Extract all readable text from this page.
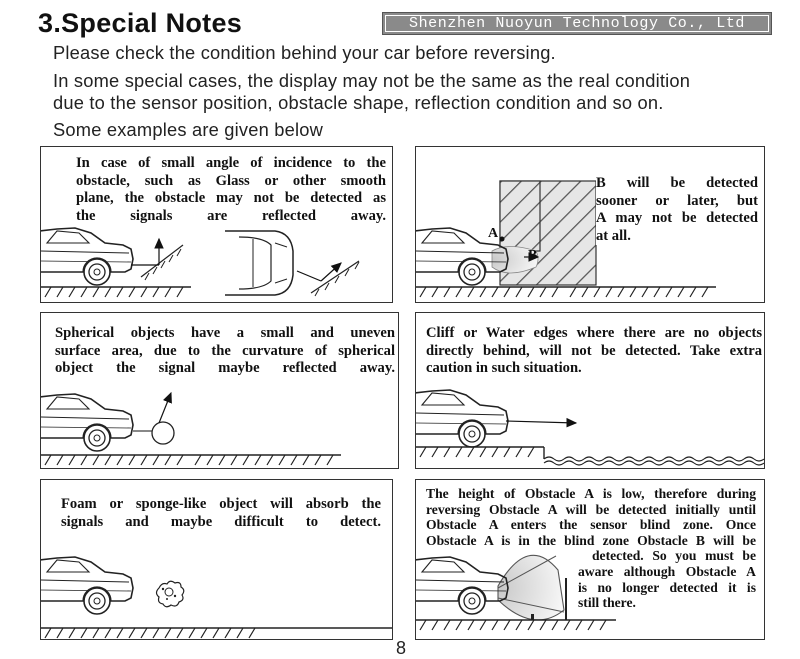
3.Special Notes	Shenzhen Nuoyun Technology Co., Ltd
Please check the condition behind your car before reversing.
In some special cases, the display may not be the same as the real condition
due to the sensor position, obstacle shape, reflection condition and so on.
Some examples are given below
In case of small angle of incidence to the
obstacle, such as Glass or other smooth
plane, the obstacle may not be detected as
the signals are reflected away.
A
B
B will be detected
sooner or later, but
A may not be detected
at all.
Spherical objects have a small and uneven
surface area, due to the curvature of spherical
object the signal maybe reflected away.
Cliff or Water edges where there are no objects
directly behind, will not be detected. Take extra
caution in such situation.
Foam or sponge-like object will absorb the
signals and maybe difficult to detect.
The height of Obstacle A is low, therefore during
reversing Obstacle A will be detected initially until
Obstacle A enters the sensor blind zone. Once
Obstacle A is in the blind zone Obstacle B will be
detected. So you must be
aware although Obstacle A
is no longer detected it is
still there.
8
